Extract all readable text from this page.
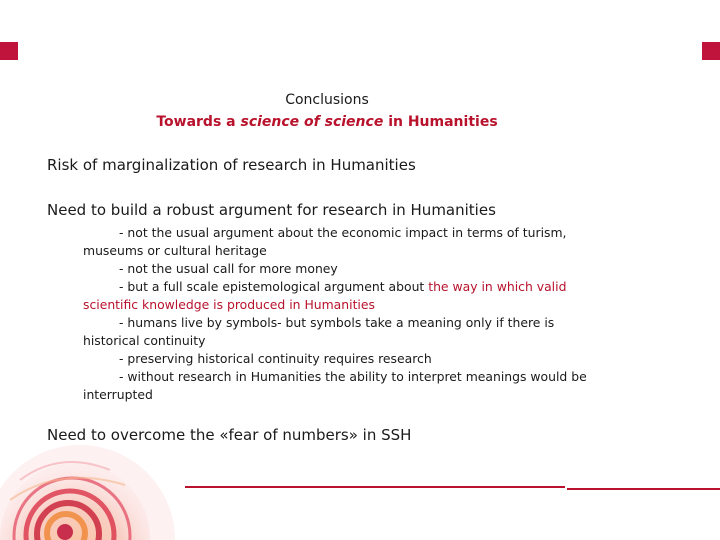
Conclusions
Towards a science of science in Humanities
Risk of marginalization of research in Humanities
Need to build a robust argument for research in Humanities

- not the usual argument about the economic impact in terms of turism, museums or cultural heritage

- not the usual call for more money

- but a full scale epistemological argument about the way in which valid scientific knowledge is produced in Humanities

- humans live by symbols- but symbols take a meaning only if there is historical continuity

- preserving historical continuity requires research

- without research in Humanities the ability to interpret meanings would be interrupted

Need to overcome the «fear of numbers» in SSH
